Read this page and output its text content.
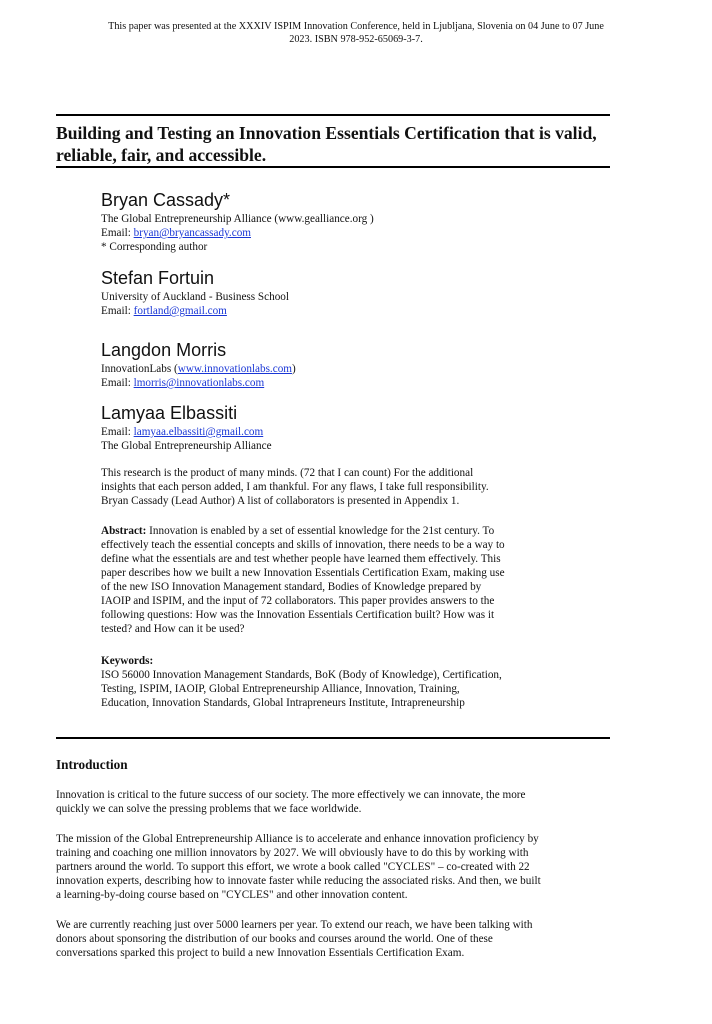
This paper was presented at the XXXIV ISPIM Innovation Conference, held in Ljubljana, Slovenia on 04 June to 07 June
2023. ISBN 978-952-65069-3-7.
Building and Testing an Innovation Essentials Certification that is valid,
reliable, fair, and accessible.
Bryan Cassady*
The Global Entrepreneurship Alliance (www.gealliance.org )
Email: bryan@bryancassady.com
* Corresponding author
Stefan Fortuin
University of Auckland - Business School
Email: fortland@gmail.com
Langdon Morris
InnovationLabs (www.innovationlabs.com)
Email: lmorris@innovationlabs.com
Lamyaa Elbassiti
Email: lamyaa.elbassiti@gmail.com
The Global Entrepreneurship Alliance
This research is the product of many minds. (72 that I can count) For the additional
insights that each person added, I am thankful. For any flaws, I take full responsibility.
Bryan Cassady (Lead Author) A list of collaborators is presented in Appendix 1.
Abstract: Innovation is enabled by a set of essential knowledge for the 21st century. To
effectively teach the essential concepts and skills of innovation, there needs to be a way to
define what the essentials are and test whether people have learned them effectively. This
paper describes how we built a new Innovation Essentials Certification Exam, making use
of the new ISO Innovation Management standard, Bodies of Knowledge prepared by
IAOIP and ISPIM, and the input of 72 collaborators. This paper provides answers to the
following questions: How was the Innovation Essentials Certification built? How was it
tested? and How can it be used?
Keywords:
ISO 56000 Innovation Management Standards, BoK (Body of Knowledge), Certification,
Testing, ISPIM, IAOIP, Global Entrepreneurship Alliance, Innovation, Training,
Education, Innovation Standards, Global Intrapreneurs Institute, Intrapreneurship
Introduction
Innovation is critical to the future success of our society. The more effectively we can innovate, the more
quickly we can solve the pressing problems that we face worldwide.
The mission of the Global Entrepreneurship Alliance is to accelerate and enhance innovation proficiency by
training and coaching one million innovators by 2027. We will obviously have to do this by working with
partners around the world. To support this effort, we wrote a book called "CYCLES" – co-created with 22
innovation experts, describing how to innovate faster while reducing the associated risks. And then, we built
a learning-by-doing course based on "CYCLES" and other innovation content.
We are currently reaching just over 5000 learners per year. To extend our reach, we have been talking with
donors about sponsoring the distribution of our books and courses around the world. One of these
conversations sparked this project to build a new Innovation Essentials Certification Exam.
